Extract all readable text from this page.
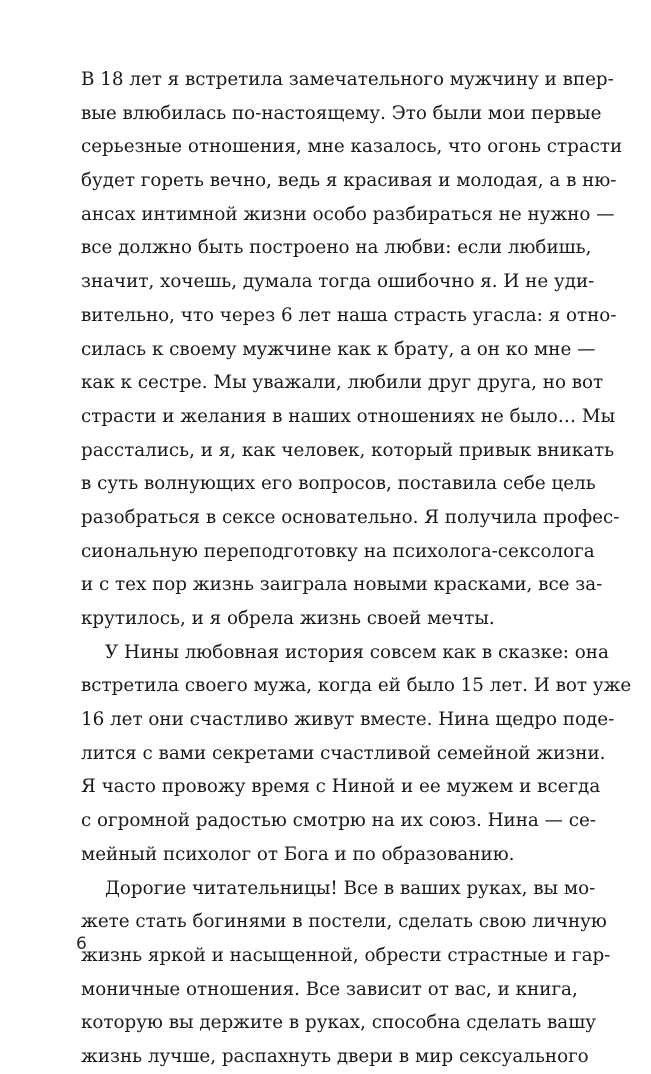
В 18 лет я встретила замечательного мужчину и впер-
вые влюбилась по-настоящему. Это были мои первые
серьезные отношения, мне казалось, что огонь страсти
будет гореть вечно, ведь я красивая и молодая, а в ню-
ансах интимной жизни особо разбираться не нужно —
все должно быть построено на любви: если любишь,
значит, хочешь, думала тогда ошибочно я. И не уди-
вительно, что через 6 лет наша страсть угасла: я отно-
силась к своему мужчине как к брату, а он ко мне —
как к сестре. Мы уважали, любили друг друга, но вот
страсти и желания в наших отношениях не было… Мы
расстались, и я, как человек, который привык вникать
в суть волнующих его вопросов, поставила себе цель
разобраться в сексе основательно. Я получила профес-
сиональную переподготовку на психолога-сексолога
и с тех пор жизнь заиграла новыми красками, все за-
крутилось, и я обрела жизнь своей мечты.
У Нины любовная история совсем как в сказке: она
встретила своего мужа, когда ей было 15 лет. И вот уже
16 лет они счастливо живут вместе. Нина щедро поде-
лится с вами секретами счастливой семейной жизни.
Я часто провожу время с Ниной и ее мужем и всегда
с огромной радостью смотрю на их союз. Нина — се-
мейный психолог от Бога и по образованию.
Дорогие читательницы! Все в ваших руках, вы мо-
жете стать богинями в постели, сделать свою личную
жизнь яркой и насыщенной, обрести страстные и гар-
моничные отношения. Все зависит от вас, и книга,
которую вы держите в руках, способна сделать вашу
жизнь лучше, распахнуть двери в мир сексуального
6
